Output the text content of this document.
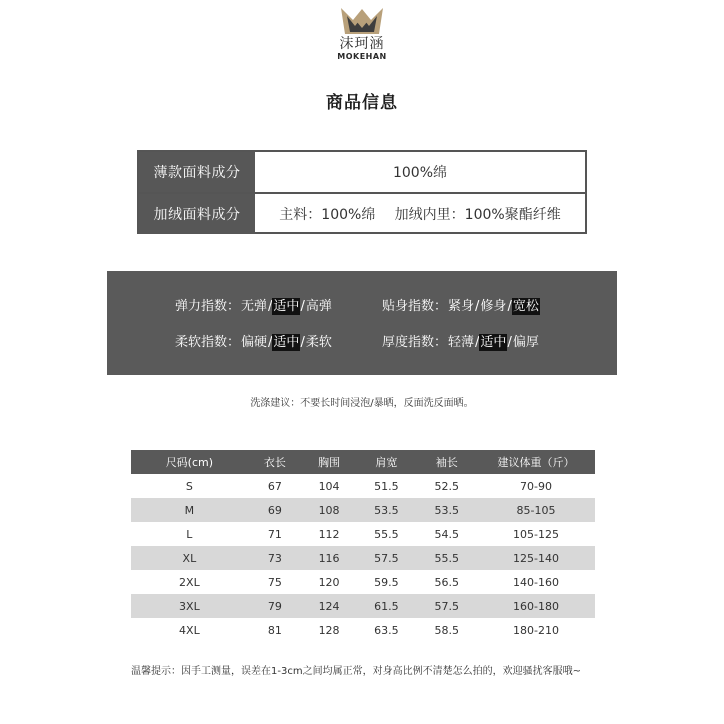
沫珂涵
MOKEHAN
商品信息
薄款面料成分	100%绵
加绒面料成分	主料：100%绵   加绒内里：100%聚酯纤维
弹力指数： 无弹/适中/高弹	贴身指数： 紧身/修身/宽松
柔软指数： 偏硬/适中/柔软	厚度指数： 轻薄/适中/偏厚
洗涤建议：不要长时间浸泡/暴晒，反面洗反面晒。
尺码(cm)	衣长	胸围	肩宽	袖长	建议体重（斤）
S	67	104	51.5	52.5	70-90
M	69	108	53.5	53.5	85-105
L	71	112	55.5	54.5	105-125
XL	73	116	57.5	55.5	125-140
2XL	75	120	59.5	56.5	140-160
3XL	79	124	61.5	57.5	160-180
4XL	81	128	63.5	58.5	180-210
温馨提示：因手工测量，误差在1-3cm之间均属正常，对身高比例不清楚怎么拍的，欢迎骚扰客服哦~
